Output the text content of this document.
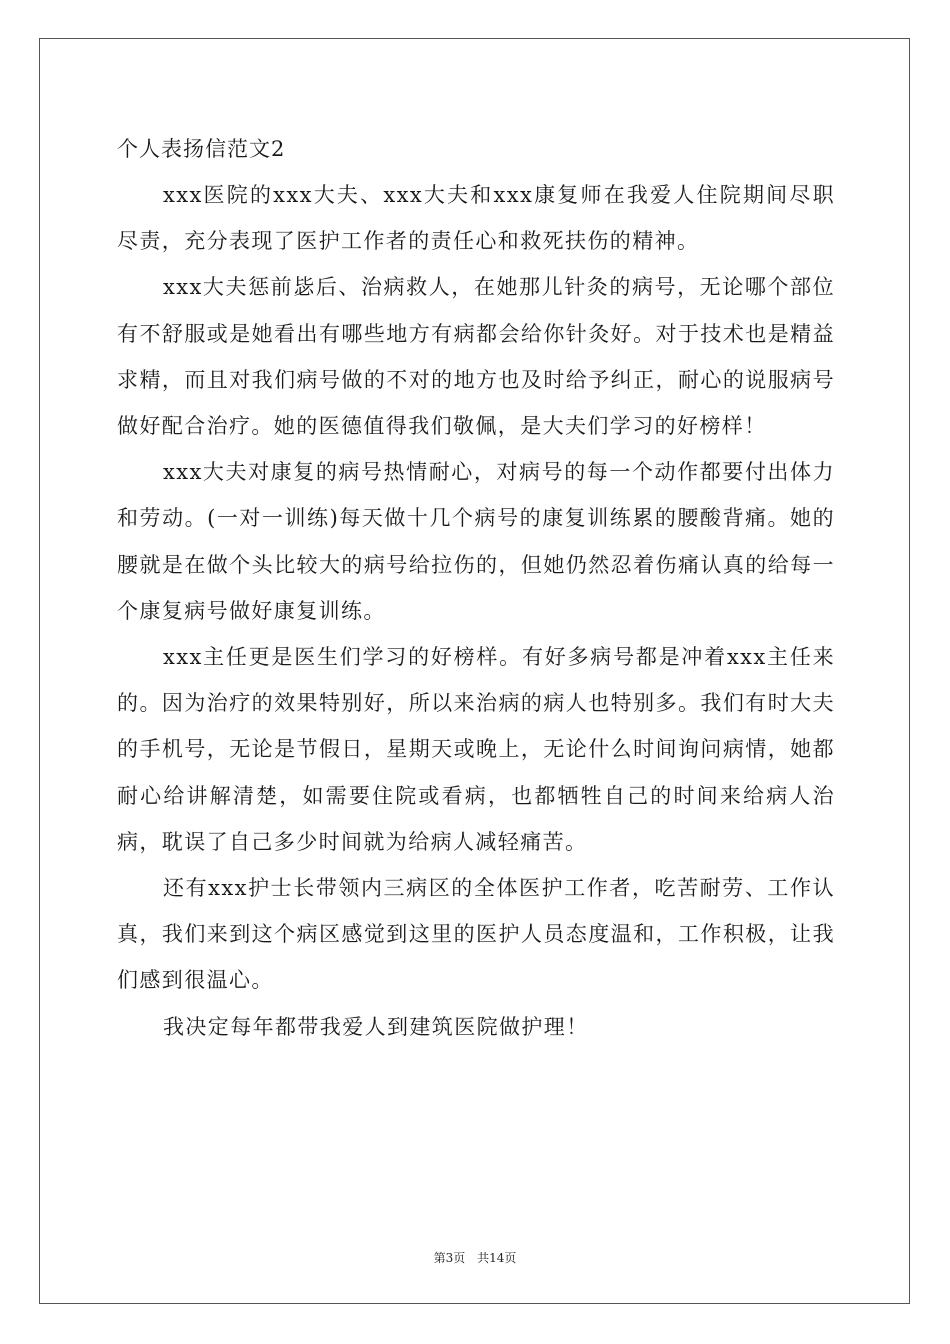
个人表扬信范文2

xxx医院的xxx大夫、xxx大夫和xxx康复师在我爱人住院期间尽职尽责，充分表现了医护工作者的责任心和救死扶伤的精神。

xxx大夫惩前毖后、治病救人，在她那儿针灸的病号，无论哪个部位有不舒服或是她看出有哪些地方有病都会给你针灸好。对于技术也是精益求精，而且对我们病号做的不对的地方也及时给予纠正，耐心的说服病号做好配合治疗。她的医德值得我们敬佩，是大夫们学习的好榜样！

xxx大夫对康复的病号热情耐心，对病号的每一个动作都要付出体力和劳动。(一对一训练)每天做十几个病号的康复训练累的腰酸背痛。她的腰就是在做个头比较大的病号给拉伤的，但她仍然忍着伤痛认真的给每一个康复病号做好康复训练。

xxx主任更是医生们学习的好榜样。有好多病号都是冲着xxx主任来的。因为治疗的效果特别好，所以来治病的病人也特别多。我们有时大夫的手机号，无论是节假日，星期天或晚上，无论什么时间询问病情，她都耐心给讲解清楚，如需要住院或看病，也都牺牲自己的时间来给病人治病，耽误了自己多少时间就为给病人减轻痛苦。

还有xxx护士长带领内三病区的全体医护工作者，吃苦耐劳、工作认真，我们来到这个病区感觉到这里的医护人员态度温和，工作积极，让我们感到很温心。

我决定每年都带我爱人到建筑医院做护理！

第3页 共14页
